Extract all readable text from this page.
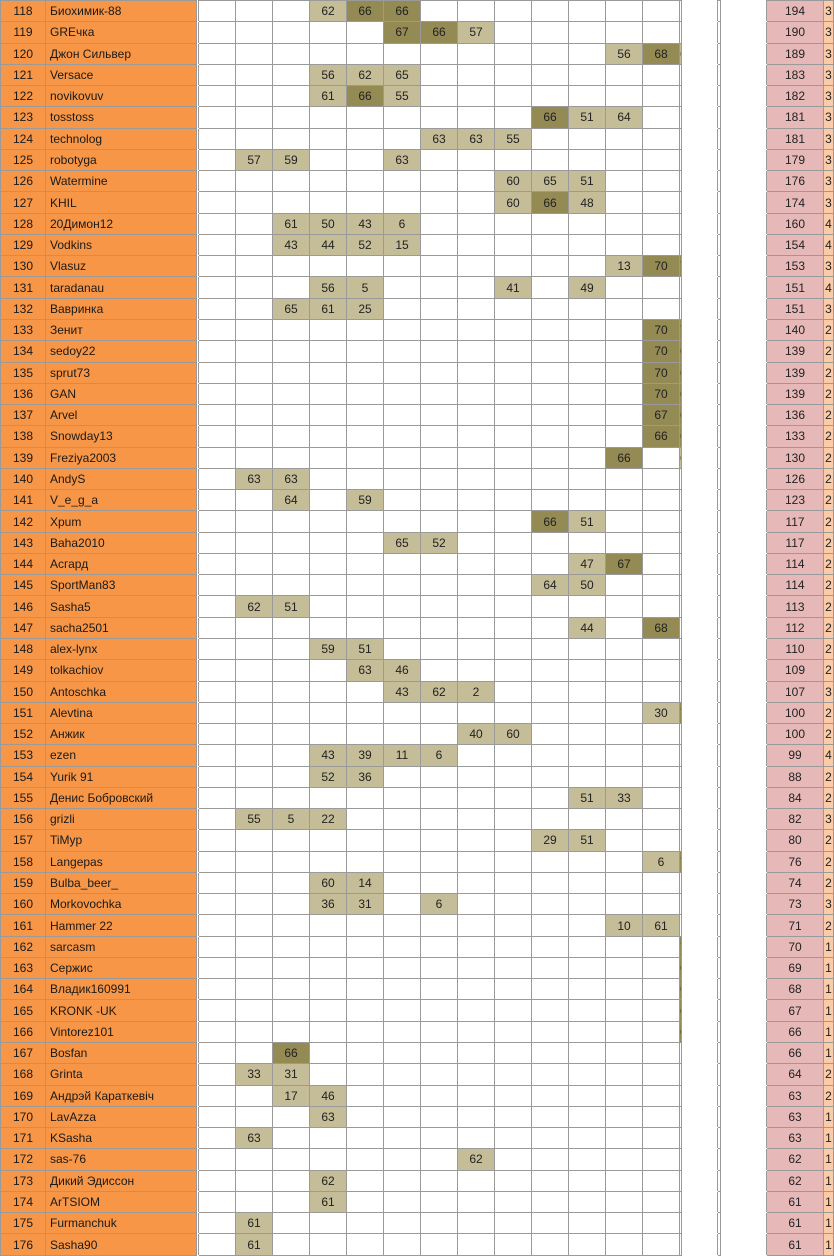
118	Биохимик-88					62	66	66												194	3
119	GREчка							67	66	57										190	3
120	Джон Сильвер													56	68					189	3
121	Versace					56	62	65												183	3
122	novikovuv					61	66	55												182	3
123	tosstoss											66	51	64						181	3
124	technolog								63	63	55									181	3
125	robotyga			57	59			63												179	3
126	Watermine										60	65	51							176	3
127	KHIL										60	66	48							174	3
128	20Димон12				61	50	43	6												160	4
129	Vodkins				43	44	52	15												154	4
130	Vlasuz													13	70					153	3
131	taradanau					56	5				41		49							151	4
132	Вавринка				65	61	25													151	3
133	Зенит														70					140	2
134	sedoy22														70					139	2
135	sprut73														70					139	2
136	GAN														70					139	2
137	Arvel														67					136	2
138	Snowday13														66					133	2
139	Freziya2003													66						130	2
140	AndyS			63	63															126	2
141	V_e_g_a				64		59													123	2
142	Хрum											66	51							117	2
143	Baha2010							65	52											117	2
144	Асгард												47	67						114	2
145	SportMan83											64	50							114	2
146	Sasha5			62	51															113	2
147	sacha2501												44		68					112	2
148	alex-lynx					59	51													110	2
149	tolkachiov						63	46												109	2
150	Antoschka							43	62	2										107	3
151	Alevtina														30					100	2
152	Анжик									40	60									100	2
153	ezen					43	39	11	6											99	4
154	Yurik 91					52	36													88	2
155	Денис Бобровский												51	33						84	2
156	grizli			55	5	22														82	3
157	TiMyp											29	51							80	2
158	Langepas														6					76	2
159	Bulba_beer_					60	14													74	2
160	Morkovochka					36	31		6											73	3
161	Hammer 22													10	61					71	2
162	sarcasm																			70	1
163	Сержис																			69	1
164	Владик160991																			68	1
165	KRONK -UK																			67	1
166	Vintorez101																			66	1
167	Bosfan				66															66	1
168	Grinta			33	31															64	2
169	Андрэй Караткевіч				17	46														63	2
170	LavAzza					63														63	1
171	KSasha			63																63	1
172	sas-76									62										62	1
173	Дикий Эдиссон					62														62	1
174	ArTSIOM					61														61	1
175	Furmanchuk			61																61	1
176	Sasha90			61																61	1
